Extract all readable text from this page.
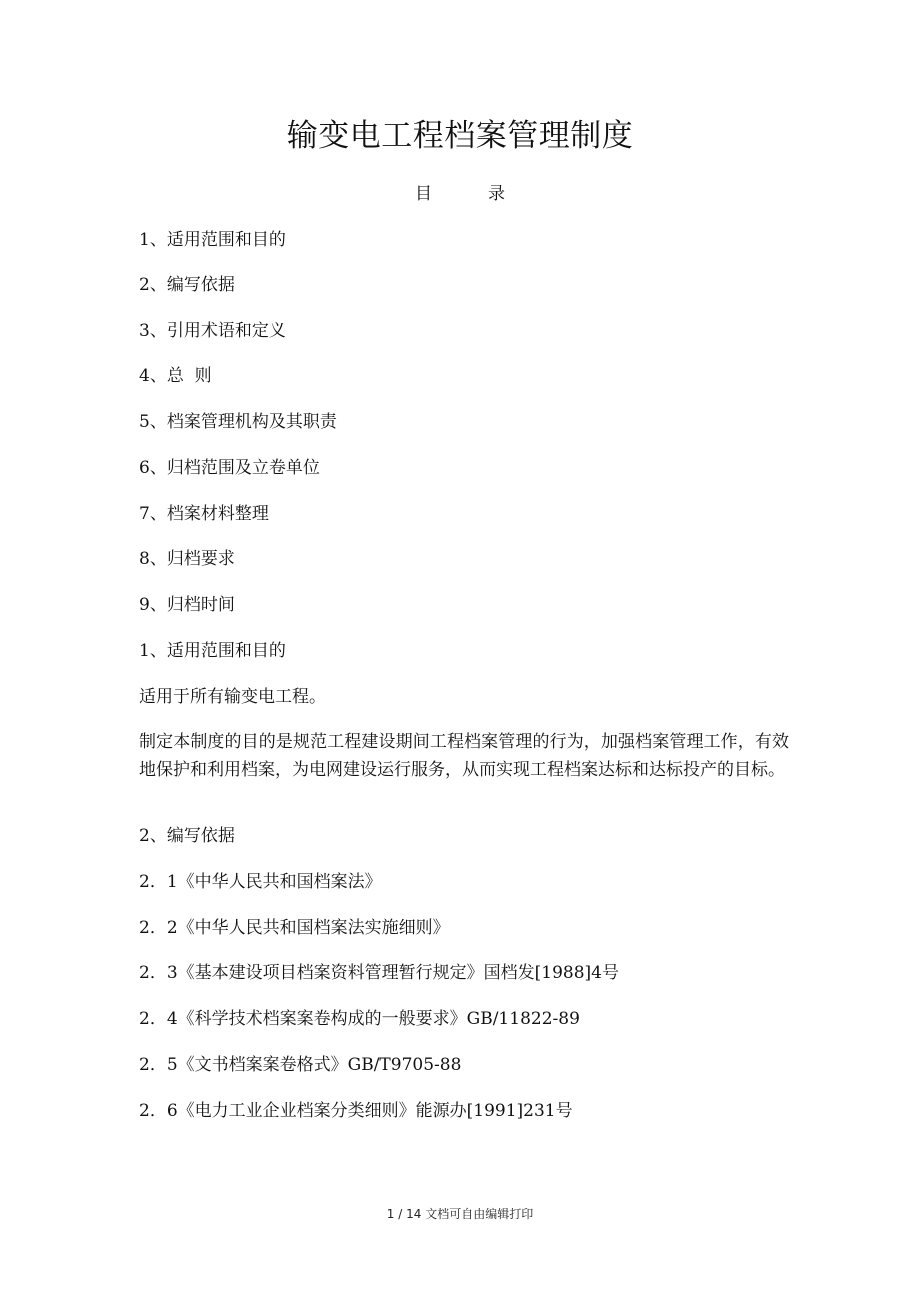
输变电工程档案管理制度
目	录
1、适用范围和目的
2、编写依据
3、引用术语和定义
4、总  则
5、档案管理机构及其职责
6、归档范围及立卷单位
7、档案材料整理
8、归档要求
9、归档时间
1、适用范围和目的
适用于所有输变电工程。
制定本制度的目的是规范工程建设期间工程档案管理的行为，加强档案管理工作，有效地保护和利用档案，为电网建设运行服务，从而实现工程档案达标和达标投产的目标。
2、编写依据
2．1《中华人民共和国档案法》
2．2《中华人民共和国档案法实施细则》
2．3《基本建设项目档案资料管理暂行规定》国档发[1988]4号
2．4《科学技术档案案卷构成的一般要求》GB/11822-89
2．5《文书档案案卷格式》GB/T9705-88
2．6《电力工业企业档案分类细则》能源办[1991]231号
1 / 14 文档可自由编辑打印
